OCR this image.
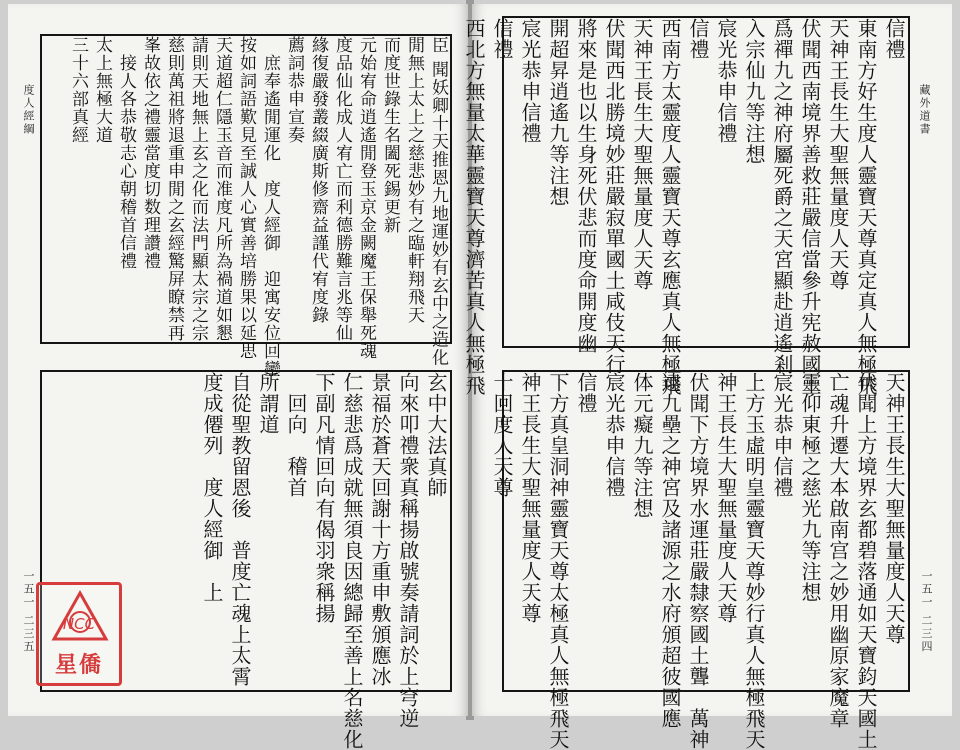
度人經綱
一五一 二三五
臣 聞妖卿十天推恩九地運妙有玄中之造化
閒無上太上之慈悲妙有之臨軒翔飛天
而度世錄生名闔死錫更新
元始宥命逍遙閒登玉京金闕魔王保舉死魂
度品仙化成人宥亡而利德勝難言兆等仙
緣復嚴發叢綴廣斯修齋益謹代宥度錄
薦詞恭申宣奏
　庶奉遙閒運化　度人經御　迎寓安位回鑾
按如詞語歎見至誠人心實善培勝果以延思
天道超仁隱玉音而准度凡所為禍道如懇
請則天地無上玄之化而法門顯太宗之宗
慈則萬祖將退重申閒之玄經驚屏瞭禁再
峯故依之禮靈當度切数理讚禮
　接人各恭敬志心朝稽首信禮
太上無極大道
三十六部真經
玄中大法真師
向來叩禮衆真稱揚啟號奏請詞於上穹逆
景福於蒼天回謝十方重申敷頒應冰
仁慈悲爲成就無須良因總歸至善上名慈化
下副凡情回向有偈羽衆稱揚
　回向　稽首
所謂道
自從聖教留恩後　普度亡魂上太霄
度成僊列　度人經御　上
NCC
星僑
藏外道書
一五一 二三四
信禮
東南方好生度人靈寶天尊真定真人無極飛
天神王長生大聖無量度人天尊
伏聞西南境界善救莊嚴信當參升宪赦國土
爲禪九之神府屬死爵之天宮顯赴逍遙剎
入宗仙九等注想
宸光恭申信禮
信禮
西南方太靈度人靈寶天尊玄應真人無極飛
天神王長生大聖無量度人天尊
伏聞西北勝境妙莊嚴寂單國土咸伎天行
將來是也以生身死伏悲而度命開度幽
開超昇逍遙九等注想
宸光恭申信禮
信禮
西北方無量太華靈寶天尊濟苦真人無極飛
天神王長生大聖無量度人天尊
伏聞上方境界玄都碧落通如天寶鈞天國土
亡魂升遷大本啟南宫之妙用幽原家魔章
靈仰東極之慈光九等注想
宸光恭申信禮
上方玉虛明皇靈寶天尊妙行真人無極飛天
神王長生大聖無量度人天尊
伏聞下方境界水運莊嚴隸察國土聾　萬神
逮九壘之神宮及諸源之水府頒超彼國應
体元癡九等注想
宸光恭申信禮
信禮
下方真皇洞神靈寶天尊太極真人無極飛天
神王長生大聖無量度人天尊
十回度人天尊
